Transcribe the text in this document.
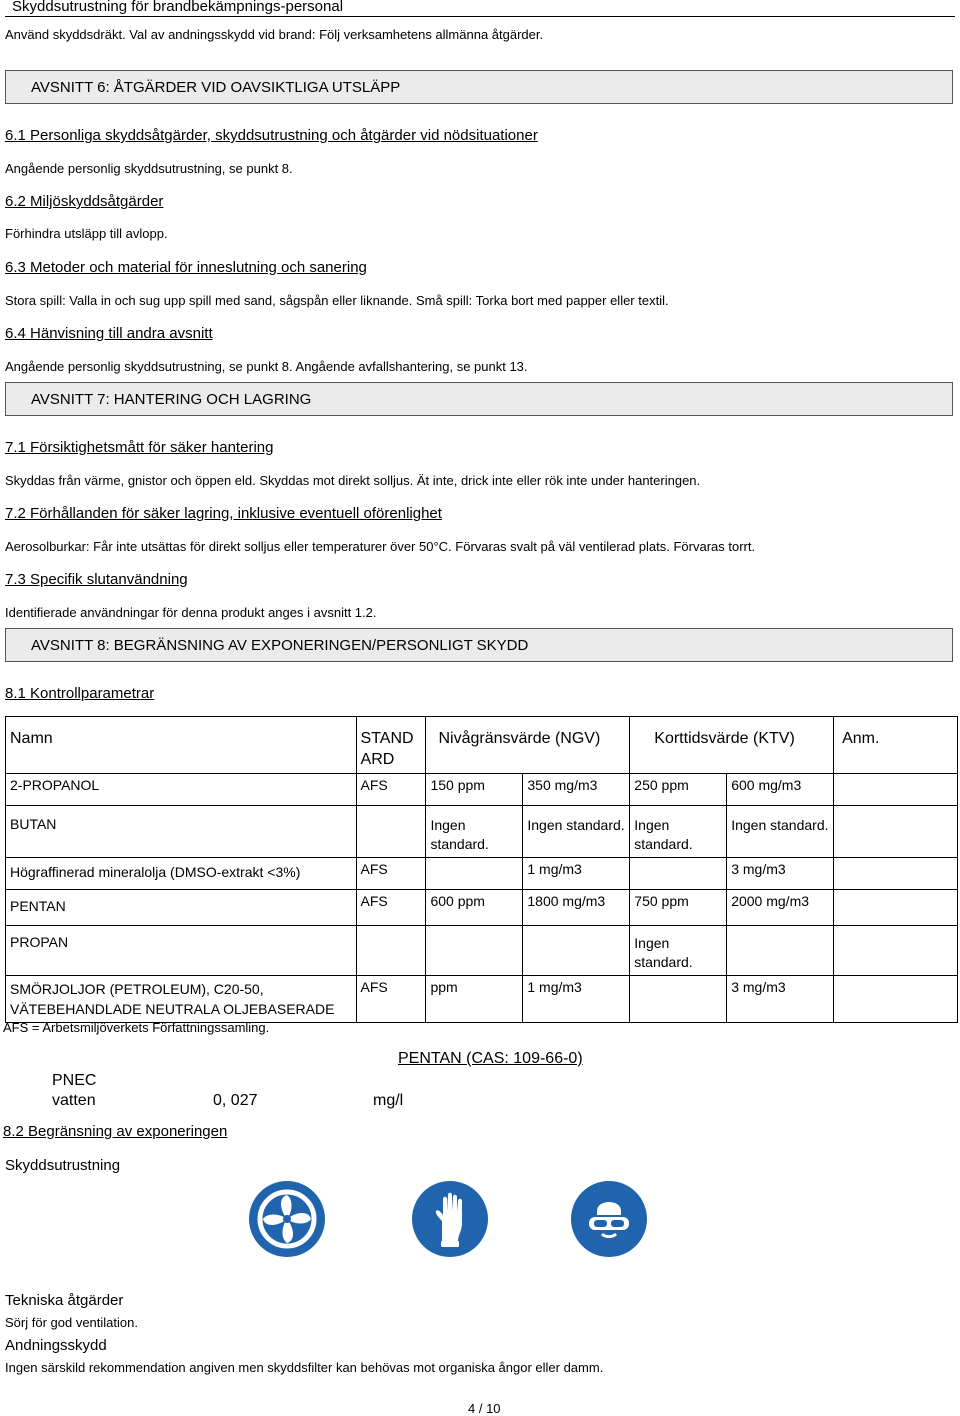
Skyddsutrustning för brandbekämpnings-personal
Använd skyddsdräkt. Val av andningsskydd vid brand: Följ verksamhetens allmänna åtgärder.
AVSNITT 6: ÅTGÄRDER VID OAVSIKTLIGA UTSLÄPP
6.1 Personliga skyddsåtgärder, skyddsutrustning och åtgärder vid nödsituationer
Angående personlig skyddsutrustning, se punkt 8.
6.2 Miljöskyddsåtgärder
Förhindra utsläpp till avlopp.
6.3 Metoder och material för inneslutning och sanering
Stora spill: Valla in och sug upp spill med sand, sågspån eller liknande. Små spill: Torka bort med papper eller textil.
6.4 Hänvisning till andra avsnitt
Angående personlig skyddsutrustning, se punkt 8. Angående avfallshantering, se punkt 13.
AVSNITT 7: HANTERING OCH LAGRING
7.1 Försiktighetsmått för säker hantering
Skyddas från värme, gnistor och öppen eld. Skyddas mot direkt solljus. Ät inte, drick inte eller rök inte under hanteringen.
7.2 Förhållanden för säker lagring, inklusive eventuell oförenlighet
Aerosolburkar: Får inte utsättas för direkt solljus eller temperaturer över 50°C. Förvaras svalt på väl ventilerad plats. Förvaras torrt.
7.3 Specifik slutanvändning
Identifierade användningar för denna produkt anges i avsnitt 1.2.
AVSNITT 8: BEGRÄNSNING AV EXPONERINGEN/PERSONLIGT SKYDD
8.1 Kontrollparametrar
Namn	STANDARD	Nivågränsvärde (NGV)		Korttidsvärde (KTV)		Anm.
2-PROPANOL	AFS	150 ppm	350 mg/m3	250 ppm	600 mg/m3	
BUTAN		Ingen standard.	Ingen standard.	Ingen standard.	Ingen standard.	
Högraffinerad mineralolja (DMSO-extrakt <3%)	AFS		1 mg/m3		3 mg/m3	
PENTAN	AFS	600 ppm	1800 mg/m3	750 ppm	2000 mg/m3	
PROPAN				Ingen standard.		
SMÖRJOLJOR (PETROLEUM), C20-50, VÄTEBEHANDLADE NEUTRALA OLJEBASERADE	AFS	ppm	1 mg/m3		3 mg/m3	
AFS = Arbetsmiljöverkets Författningssamling.
PENTAN (CAS: 109-66-0)
PNEC
vatten	0, 027	mg/l
8.2 Begränsning av exponeringen
Skyddsutrustning
Tekniska åtgärder
Sörj för god ventilation.
Andningsskydd
Ingen särskild rekommendation angiven men skyddsfilter kan behövas mot organiska ångor eller damm.
4 / 10
